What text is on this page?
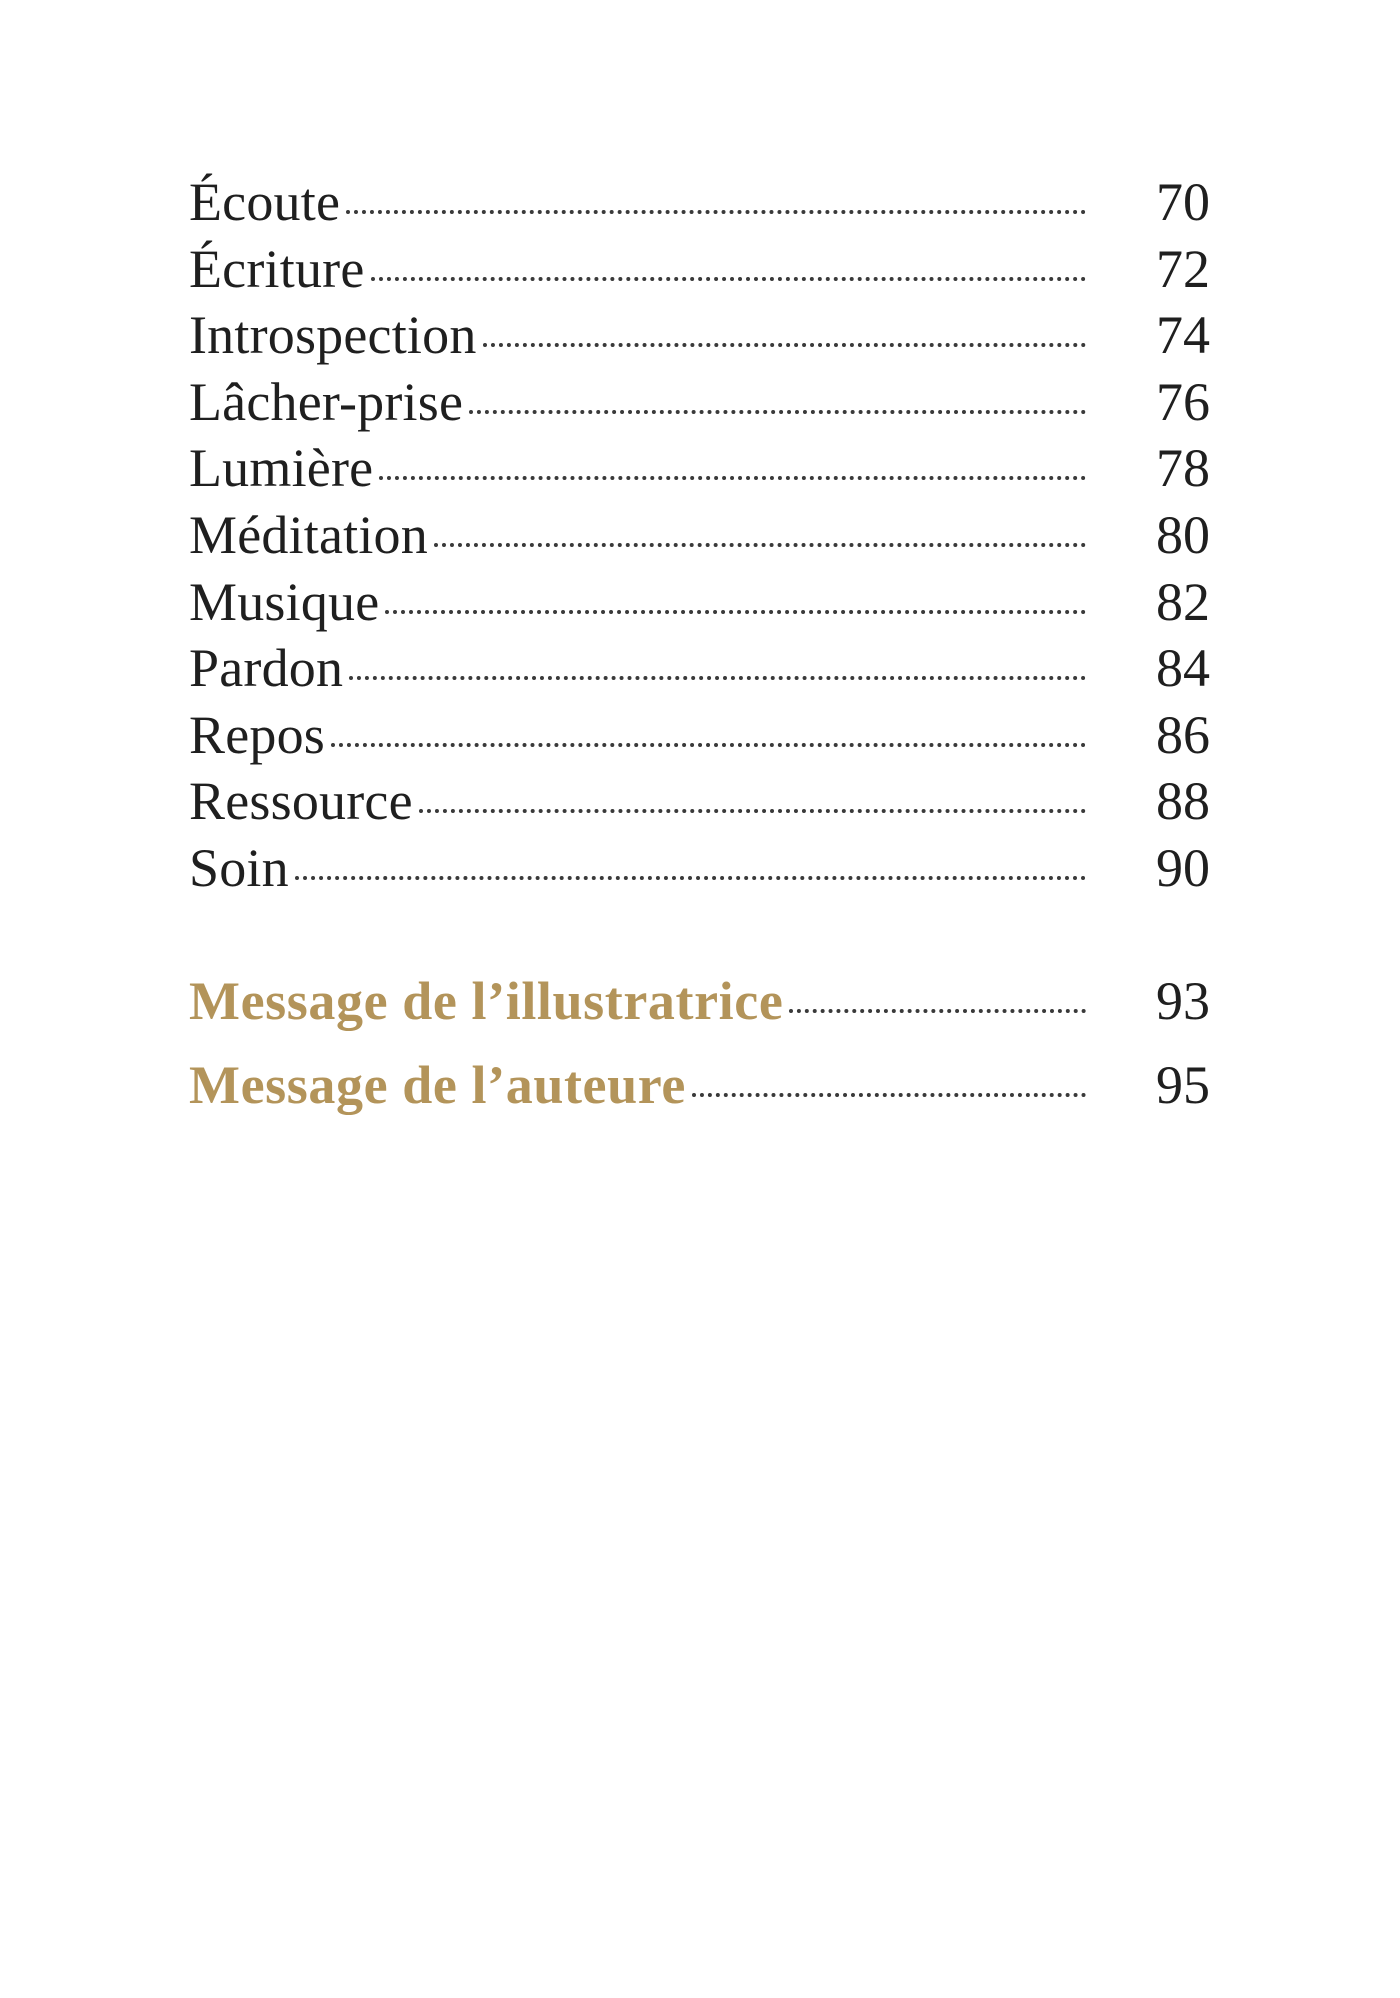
Écoute	70
Écriture	72
Introspection	74
Lâcher-prise	76
Lumière	78
Méditation	80
Musique	82
Pardon	84
Repos	86
Ressource	88
Soin	90
Message de l’illustratrice	93
Message de l’auteure	95
